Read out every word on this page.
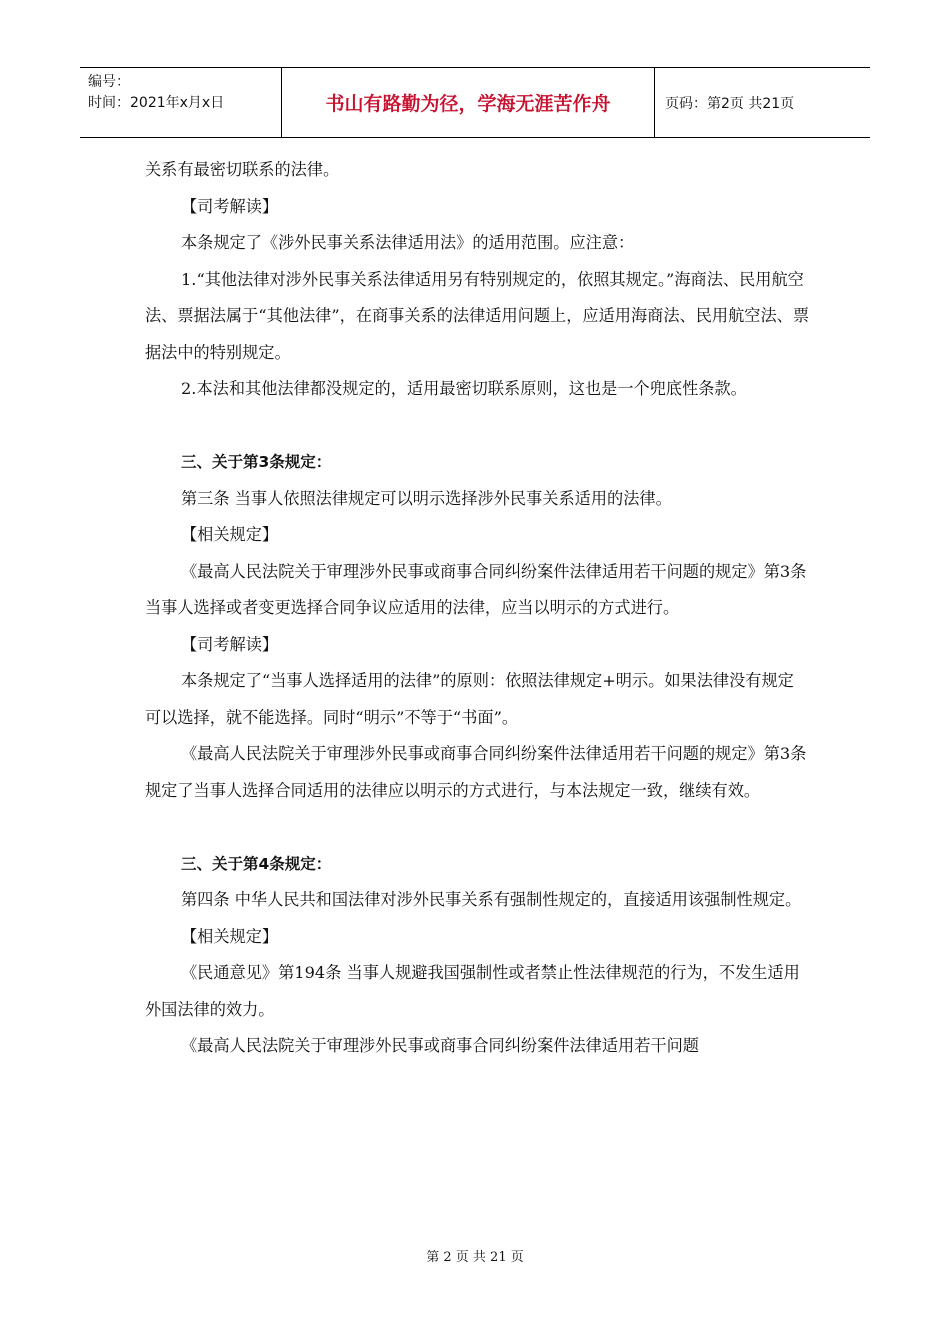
编号：
时间：2021年x月x日	书山有路勤为径，学海无涯苦作舟	页码：第2页 共21页

关系有最密切联系的法律。

【司考解读】

本条规定了《涉外民事关系法律适用法》的适用范围。应注意：

1.“其他法律对涉外民事关系法律适用另有特别规定的，依照其规定。”海商法、民用航空法、票据法属于“其他法律”，在商事关系的法律适用问题上，应适用海商法、民用航空法、票据法中的特别规定。

2.本法和其他法律都没规定的，适用最密切联系原则，这也是一个兜底性条款。

三、关于第3条规定：

第三条 当事人依照法律规定可以明示选择涉外民事关系适用的法律。

【相关规定】

《最高人民法院关于审理涉外民事或商事合同纠纷案件法律适用若干问题的规定》第3条 当事人选择或者变更选择合同争议应适用的法律，应当以明示的方式进行。

【司考解读】

本条规定了“当事人选择适用的法律”的原则：依照法律规定+明示。如果法律没有规定可以选择，就不能选择。同时“明示”不等于“书面”。

《最高人民法院关于审理涉外民事或商事合同纠纷案件法律适用若干问题的规定》第3条规定了当事人选择合同适用的法律应以明示的方式进行，与本法规定一致，继续有效。

三、关于第4条规定：

第四条 中华人民共和国法律对涉外民事关系有强制性规定的，直接适用该强制性规定。

【相关规定】

《民通意见》第194条 当事人规避我国强制性或者禁止性法律规范的行为，不发生适用外国法律的效力。

《最高人民法院关于审理涉外民事或商事合同纠纷案件法律适用若干问题

第 2 页 共 21 页
